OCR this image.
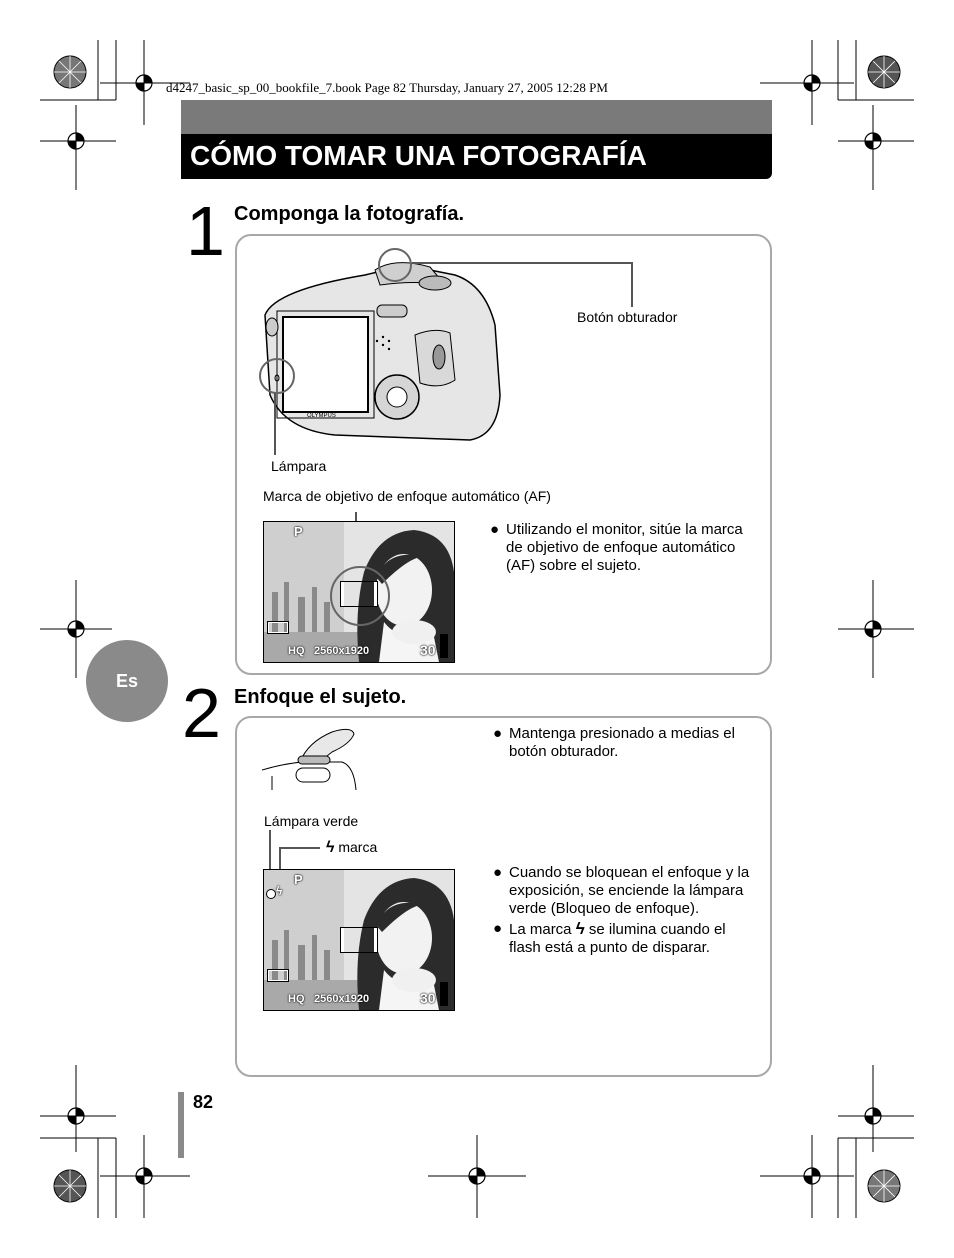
d4247_basic_sp_00_bookfile_7.book Page 82 Thursday, January 27, 2005 12:28 PM
CÓMO TOMAR UNA FOTOGRAFÍA
Es
1 Componga la fotografía.
OLYMPUS
Botón obturador
Lámpara
Marca de objetivo de enfoque automático (AF)
P
HQ 2560x1920	30
● Utilizando el monitor, sitúe la marca de objetivo de enfoque automático (AF) sobre el sujeto.
2 Enfoque el sujeto.
Lámpara verde
ϟ marca
ϟ
P
HQ 2560x1920	30
● Mantenga presionado a medias el botón obturador.
● Cuando se bloquean el enfoque y la exposición, se enciende la lámpara verde (Bloqueo de enfoque).
● La marca ϟ se ilumina cuando el flash está a punto de disparar.
82
